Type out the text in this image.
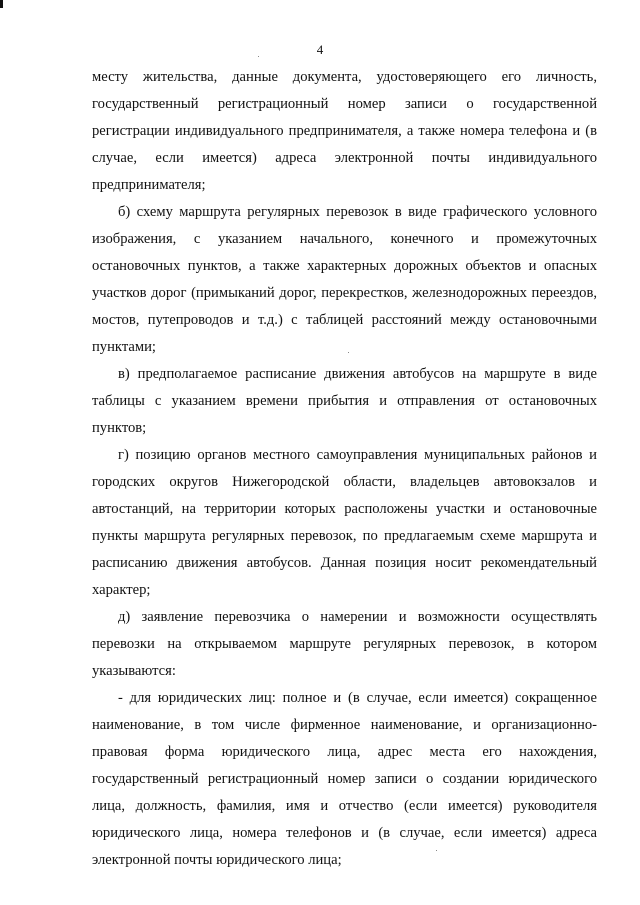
4

месту жительства, данные документа, удостоверяющего его личность, государственный регистрационный номер записи о государственной регистрации индивидуального предпринимателя, а также номера телефона и (в случае, если имеется) адреса электронной почты индивидуального предпринимателя;

б) схему маршрута регулярных перевозок в виде графического условного изображения, с указанием начального, конечного и промежуточных остановочных пунктов, а также характерных дорожных объектов и опасных участков дорог (примыканий дорог, перекрестков, железнодорожных переездов, мостов, путепроводов и т.д.) с таблицей расстояний между остановочными пунктами;

в) предполагаемое расписание движения автобусов на маршруте в виде таблицы с указанием времени прибытия и отправления от остановочных пунктов;

г) позицию органов местного самоуправления муниципальных районов и городских округов Нижегородской области, владельцев автовокзалов и автостанций, на территории которых расположены участки и остановочные пункты маршрута регулярных перевозок, по предлагаемым схеме маршрута и расписанию движения автобусов. Данная позиция носит рекомендательный характер;

д) заявление перевозчика о намерении и возможности осуществлять перевозки на открываемом маршруте регулярных перевозок, в котором указываются:

- для юридических лиц: полное и (в случае, если имеется) сокращенное наименование, в том числе фирменное наименование, и организационно-правовая форма юридического лица, адрес места его нахождения, государственный регистрационный номер записи о создании юридического лица, должность, фамилия, имя и отчество (если имеется) руководителя юридического лица, номера телефонов и (в случае, если имеется) адреса электронной почты юридического лица;
